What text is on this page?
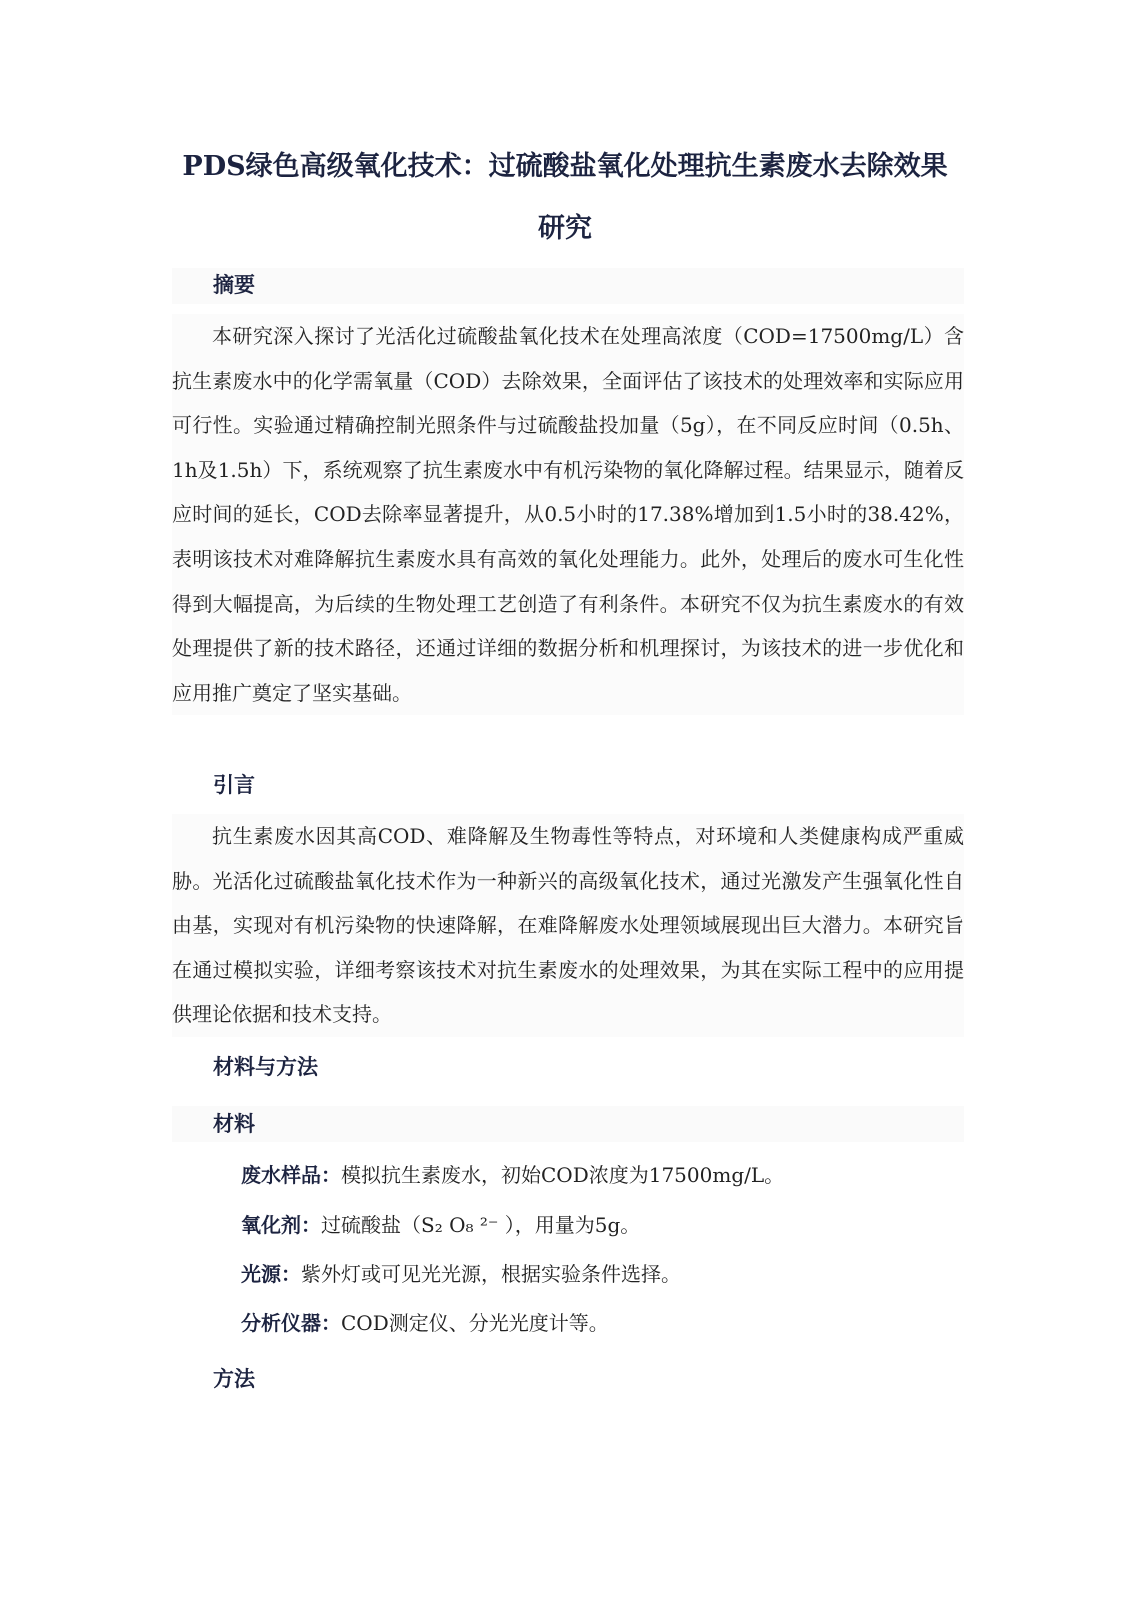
PDS绿色高级氧化技术：过硫酸盐氧化处理抗生素废水去除效果研究
摘要

本研究深入探讨了光活化过硫酸盐氧化技术在处理高浓度（COD=17500mg/L）含抗生素废水中的化学需氧量（COD）去除效果，全面评估了该技术的处理效率和实际应用可行性。实验通过精确控制光照条件与过硫酸盐投加量（5g），在不同反应时间（0.5h、1h及1.5h）下，系统观察了抗生素废水中有机污染物的氧化降解过程。结果显示，随着反应时间的延长，COD去除率显著提升，从0.5小时的17.38%增加到1.5小时的38.42%，表明该技术对难降解抗生素废水具有高效的氧化处理能力。此外，处理后的废水可生化性得到大幅提高，为后续的生物处理工艺创造了有利条件。本研究不仅为抗生素废水的有效处理提供了新的技术路径，还通过详细的数据分析和机理探讨，为该技术的进一步优化和应用推广奠定了坚实基础。

引言

抗生素废水因其高COD、难降解及生物毒性等特点，对环境和人类健康构成严重威胁。光活化过硫酸盐氧化技术作为一种新兴的高级氧化技术，通过光激发产生强氧化性自由基，实现对有机污染物的快速降解，在难降解废水处理领域展现出巨大潜力。本研究旨在通过模拟实验，详细考察该技术对抗生素废水的处理效果，为其在实际工程中的应用提供理论依据和技术支持。

材料与方法
材料
废水样品：模拟抗生素废水，初始COD浓度为17500mg/L。
氧化剂：过硫酸盐（S₂ O₈ ²⁻ ），用量为5g。
光源：紫外灯或可见光光源，根据实验条件选择。
分析仪器：COD测定仪、分光光度计等。
方法
